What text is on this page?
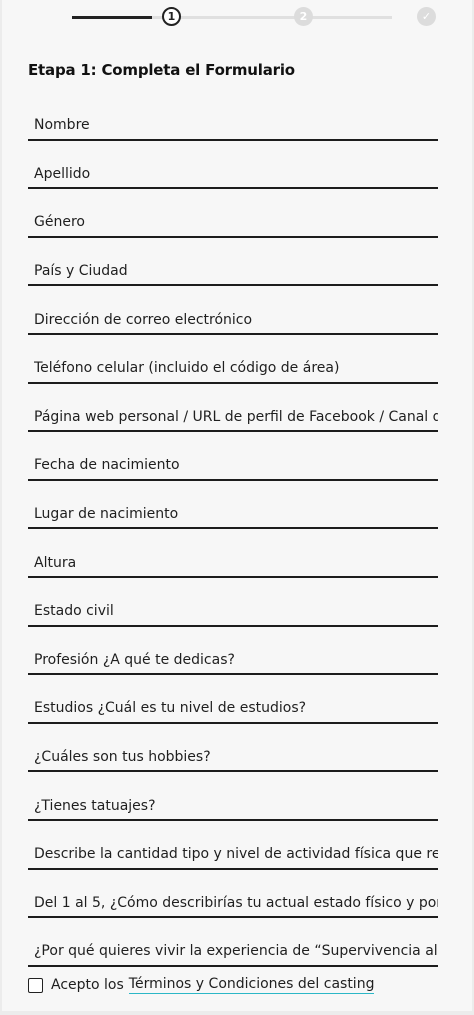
1	2	✓
Etapa 1: Completa el Formulario
Nombre
Apellido
Género
País y Ciudad
Dirección de correo electrónico
Teléfono celular (incluido el código de área)
Página web personal / URL de perfil de Facebook / Canal de YouTube
Fecha de nacimiento
Lugar de nacimiento
Altura
Estado civil
Profesión ¿A qué te dedicas?
Estudios ¿Cuál es tu nivel de estudios?
¿Cuáles son tus hobbies?
¿Tienes tatuajes?
Describe la cantidad tipo y nivel de actividad física que realizas
Del 1 al 5, ¿Cómo describirías tu actual estado físico y por qué?
¿Por qué quieres vivir la experiencia de “Supervivencia al Desnudo”?
Acepto los Términos y Condiciones del casting
